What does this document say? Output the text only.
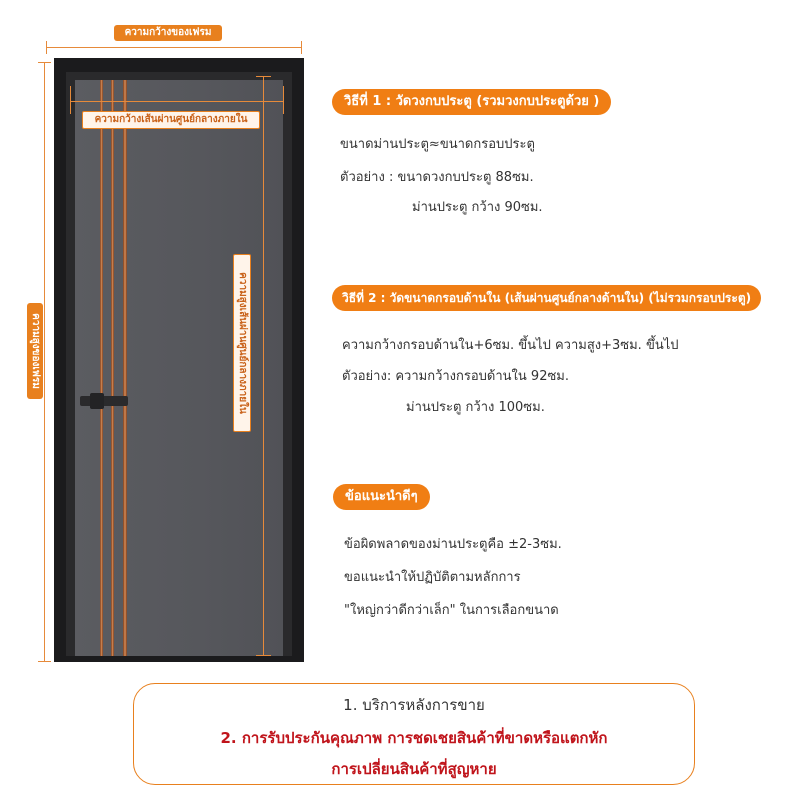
ความกว้างของเฟรม
ความกว้างเส้นผ่านศูนย์กลางภายใน
ความสูงของเฟรม	ความสูงเส้นผ่านศูนย์กลางภายใน
วิธีที่ 1 : วัดวงกบประตู (รวมวงกบประตูด้วย )
ขนาดม่านประตู≈ขนาดกรอบประตู
ตัวอย่าง : ขนาดวงกบประตู 88ซม.
ม่านประตู กว้าง 90ซม.
วิธีที่ 2 : วัดขนาดกรอบด้านใน (เส้นผ่านศูนย์กลางด้านใน) (ไม่รวมกรอบประตู)
ความกว้างกรอบด้านใน+6ซม. ขึ้นไป ความสูง+3ซม. ขึ้นไป
ตัวอย่าง: ความกว้างกรอบด้านใน 92ซม.
ม่านประตู กว้าง 100ซม.
ข้อแนะนำดีๆ
ข้อผิดพลาดของม่านประตูคือ ±2-3ซม.
ขอแนะนำให้ปฏิบัติตามหลักการ
"ใหญ่กว่าดีกว่าเล็ก" ในการเลือกขนาด
1. บริการหลังการขาย
2. การรับประกันคุณภาพ การชดเชยสินค้าที่ขาดหรือแตกหัก
การเปลี่ยนสินค้าที่สูญหาย
